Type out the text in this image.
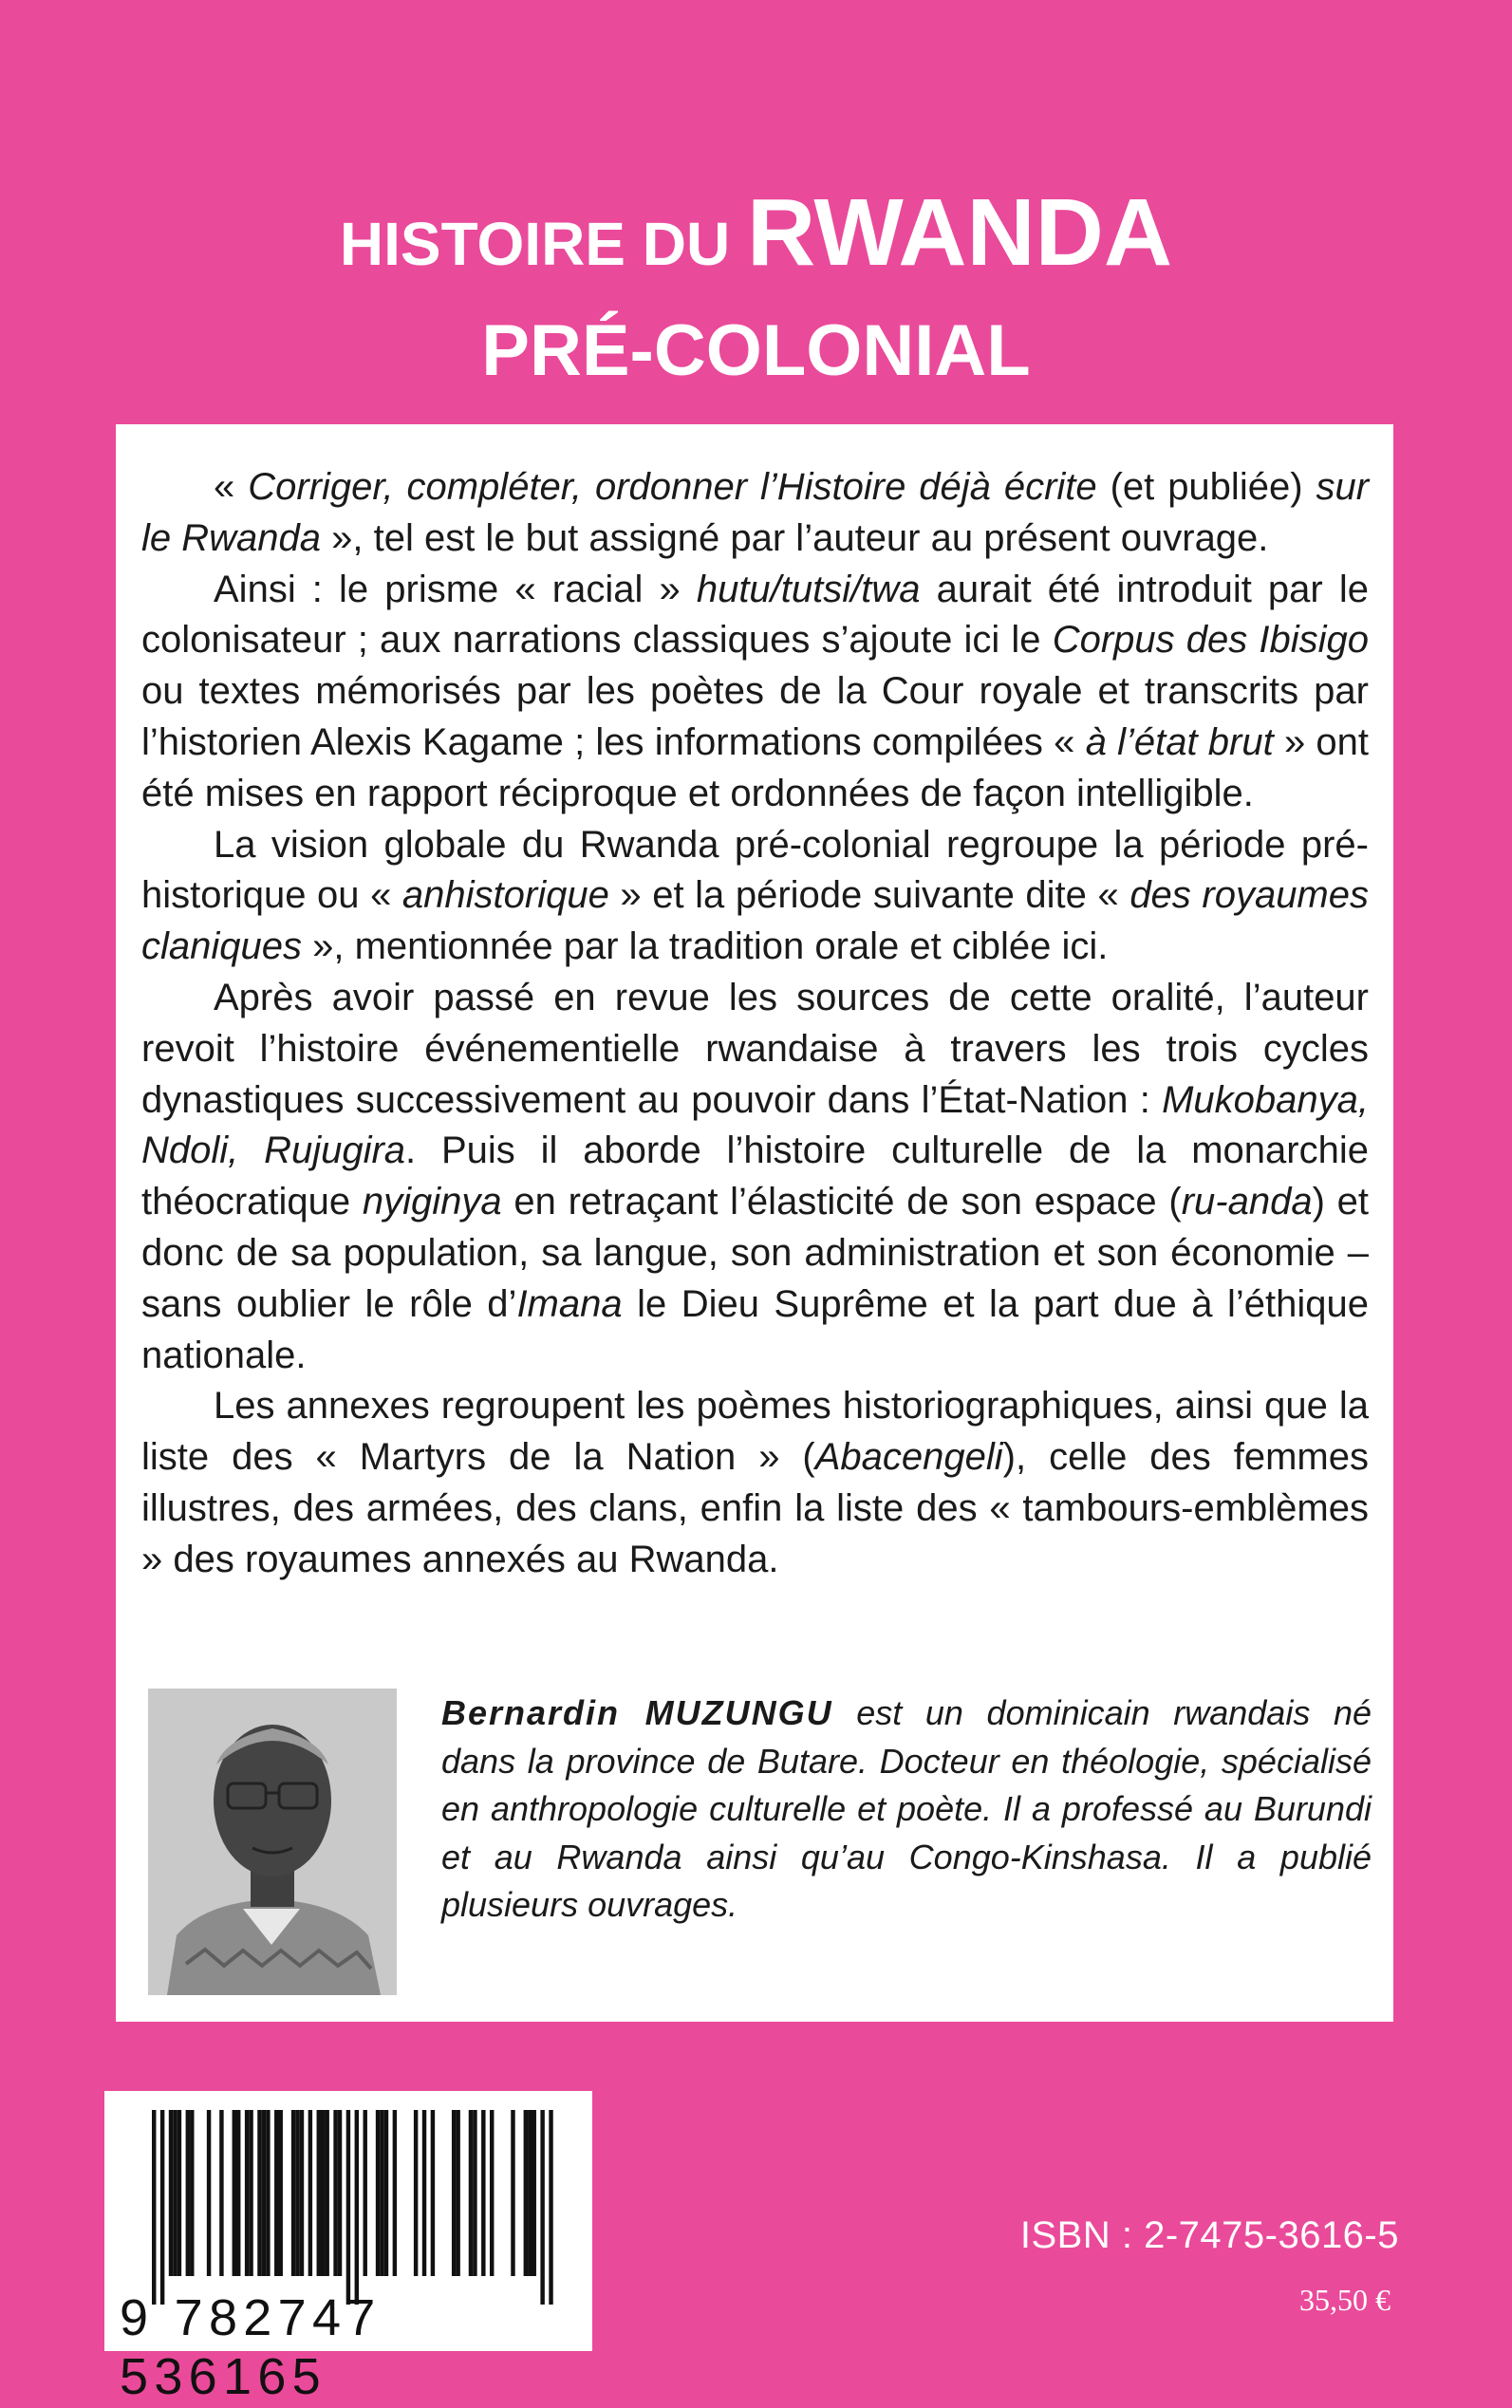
HISTOIRE DU RWANDA
PRÉ-COLONIAL

« Corriger, compléter, ordonner l’Histoire déjà écrite (et publiée) sur le Rwanda », tel est le but assigné par l’auteur au présent ouvrage.

Ainsi : le prisme « racial » hutu/tutsi/twa aurait été introduit par le colonisateur ; aux narrations classiques s’ajoute ici le Corpus des Ibisigo ou textes mémorisés par les poètes de la Cour royale et transcrits par l’historien Alexis Kagame ; les informations compilées « à l’état brut » ont été mises en rapport réciproque et ordonnées de façon intelligible.

La vision globale du Rwanda pré-colonial regroupe la période pré-historique ou « anhistorique » et la période suivante dite « des royaumes claniques », mentionnée par la tradition orale et ciblée ici.

Après avoir passé en revue les sources de cette oralité, l’auteur revoit l’histoire événementielle rwandaise à travers les trois cycles dynastiques successivement au pouvoir dans l’État-Nation : Mukobanya, Ndoli, Rujugira. Puis il aborde l’histoire culturelle de la monarchie théocratique nyiginya en retraçant l’élasticité de son espace (ru-anda) et donc de sa population, sa langue, son administration et son économie – sans oublier le rôle d’Imana le Dieu Suprême et la part due à l’éthique nationale.

Les annexes regroupent les poèmes historiographiques, ainsi que la liste des « Martyrs de la Nation » (Abacengeli), celle des femmes illustres, des armées, des clans, enfin la liste des « tambours-emblèmes » des royaumes annexés au Rwanda.

Bernardin MUZUNGU est un dominicain rwandais né dans la province de Butare. Docteur en théologie, spécialisé en anthropologie culturelle et poète. Il a professé au Burundi et au Rwanda ainsi qu’au Congo-Kinshasa. Il a publié plusieurs ouvrages.

9 782747 536165
ISBN : 2-7475-3616-5
35,50 €
